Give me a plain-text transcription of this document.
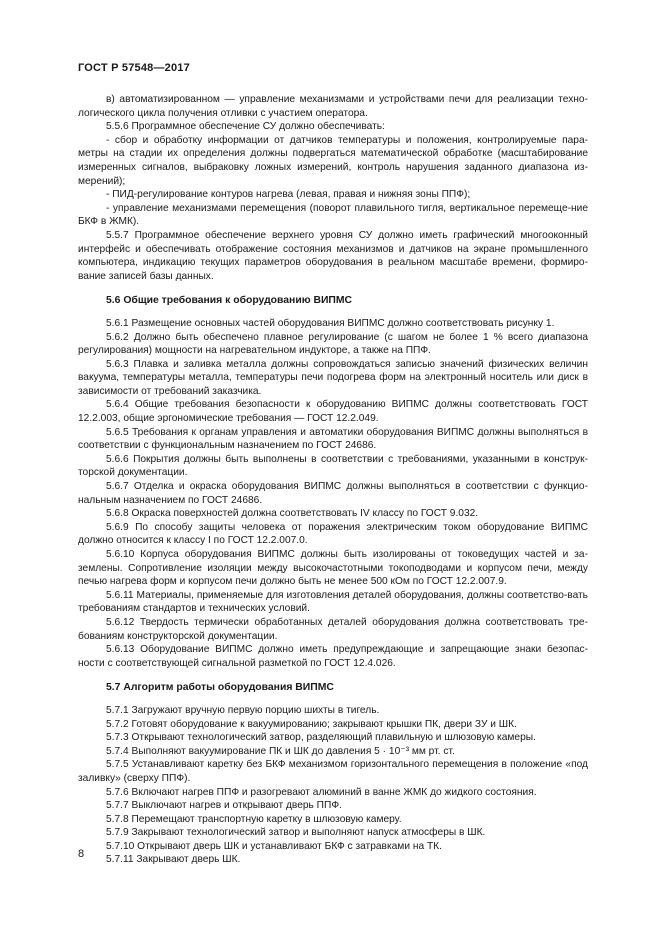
ГОСТ Р 57548—2017

в) автоматизированном — управление механизмами и устройствами печи для реализации техно-логического цикла получения отливки с участием оператора.

5.5.6 Программное обеспечение СУ должно обеспечивать:

- сбор и обработку информации от датчиков температуры и положения, контролируемые пара-метры на стадии их определения должны подвергаться математической обработке (масштабирование измеренных сигналов, выбраковку ложных измерений, контроль нарушения заданного диапазона из-мерений);

- ПИД-регулирование контуров нагрева (левая, правая и нижняя зоны ППФ);

- управление механизмами перемещения (поворот плавильного тигля, вертикальное перемеще-ние БКФ в ЖМК).

5.5.7 Программное обеспечение верхнего уровня СУ должно иметь графический многооконный интерфейс и обеспечивать отображение состояния механизмов и датчиков на экране промышленного компьютера, индикацию текущих параметров оборудования в реальном масштабе времени, формиро-вание записей базы данных.

5.6 Общие требования к оборудованию ВИПМС

5.6.1 Размещение основных частей оборудования ВИПМС должно соответствовать рисунку 1.

5.6.2 Должно быть обеспечено плавное регулирование (с шагом не более 1 % всего диапазона регулирования) мощности на нагревательном индукторе, а также на ППФ.

5.6.3 Плавка и заливка металла должны сопровождаться записью значений физических величин вакуума, температуры металла, температуры печи подогрева форм на электронный носитель или диск в зависимости от требований заказчика.

5.6.4 Общие требования безопасности к оборудованию ВИПМС должны соответствовать ГОСТ 12.2.003, общие эргономические требования — ГОСТ 12.2.049.

5.6.5 Требования к органам управления и автоматики оборудования ВИПМС должны выполняться в соответствии с функциональным назначением по ГОСТ 24686.

5.6.6 Покрытия должны быть выполнены в соответствии с требованиями, указанными в конструк-торской документации.

5.6.7 Отделка и окраска оборудования ВИПМС должны выполняться в соответствии с функцио-нальным назначением по ГОСТ 24686.

5.6.8 Окраска поверхностей должна соответствовать IV классу по ГОСТ 9.032.

5.6.9 По способу защиты человека от поражения электрическим током оборудование ВИПМС должно относится к классу I по ГОСТ 12.2.007.0.

5.6.10 Корпуса оборудования ВИПМС должны быть изолированы от токоведущих частей и за-землены. Сопротивление изоляции между высокочастотными токоподводами и корпусом печи, между печью нагрева форм и корпусом печи должно быть не менее 500 кОм по ГОСТ 12.2.007.9.

5.6.11 Материалы, применяемые для изготовления деталей оборудования, должны соответство-вать требованиям стандартов и технических условий.

5.6.12 Твердость термически обработанных деталей оборудования должна соответствовать тре-бованиям конструкторской документации.

5.6.13 Оборудование ВИПМС должно иметь предупреждающие и запрещающие знаки безопас-ности с соответствующей сигнальной разметкой по ГОСТ 12.4.026.

5.7 Алгоритм работы оборудования ВИПМС

5.7.1 Загружают вручную первую порцию шихты в тигель.

5.7.2 Готовят оборудование к вакуумированию; закрывают крышки ПК, двери ЗУ и ШК.

5.7.3 Открывают технологический затвор, разделяющий плавильную и шлюзовую камеры.

5.7.4 Выполняют вакуумирование ПК и ШК до давления 5 · 10⁻³ мм рт. ст.

5.7.5 Устанавливают каретку без БКФ механизмом горизонтального перемещения в положение «под заливку» (сверху ППФ).

5.7.6 Включают нагрев ППФ и разогревают алюминий в ванне ЖМК до жидкого состояния.

5.7.7 Выключают нагрев и открывают дверь ППФ.

5.7.8 Перемещают транспортную каретку в шлюзовую камеру.

5.7.9 Закрывают технологический затвор и выполняют напуск атмосферы в ШК.

5.7.10 Открывают дверь ШК и устанавливают БКФ с затравками на ТК.

5.7.11 Закрывают дверь ШК.

8
